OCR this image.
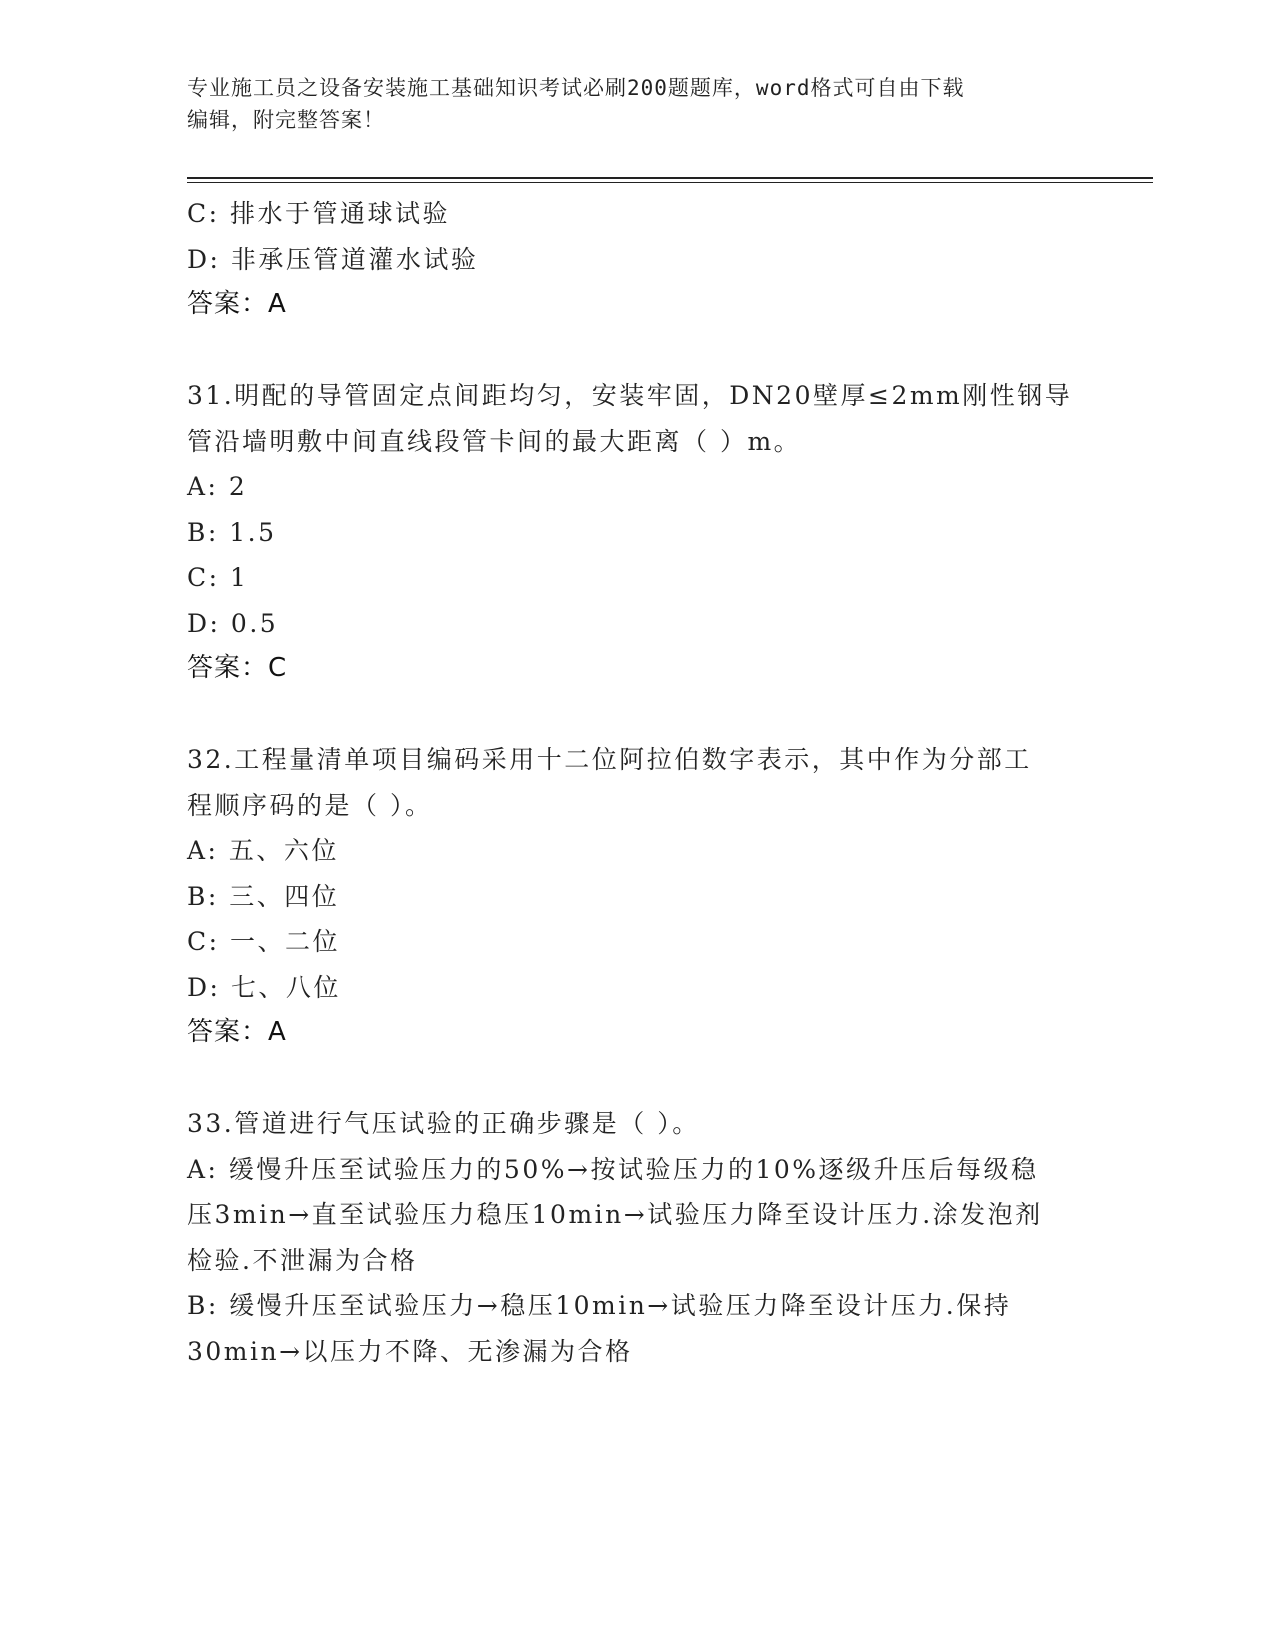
专业施工员之设备安装施工基础知识考试必刷200题题库，word格式可自由下载
编辑，附完整答案！
C: 排水于管通球试验
D: 非承压管道灌水试验
答案：A
31.明配的导管固定点间距均匀，安装牢固，DN20壁厚≤2mm刚性钢导
管沿墙明敷中间直线段管卡间的最大距离（ ）m。
A: 2
B: 1.5
C: 1
D: 0.5
答案：C
32.工程量清单项目编码采用十二位阿拉伯数字表示，其中作为分部工
程顺序码的是（ ）。
A: 五、六位
B: 三、四位
C: 一、二位
D: 七、八位
答案：A
33.管道进行气压试验的正确步骤是（ ）。
A: 缓慢升压至试验压力的50%→按试验压力的10%逐级升压后每级稳
压3min→直至试验压力稳压10min→试验压力降至设计压力.涂发泡剂
检验.不泄漏为合格
B: 缓慢升压至试验压力→稳压10min→试验压力降至设计压力.保持
30min→以压力不降、无渗漏为合格
